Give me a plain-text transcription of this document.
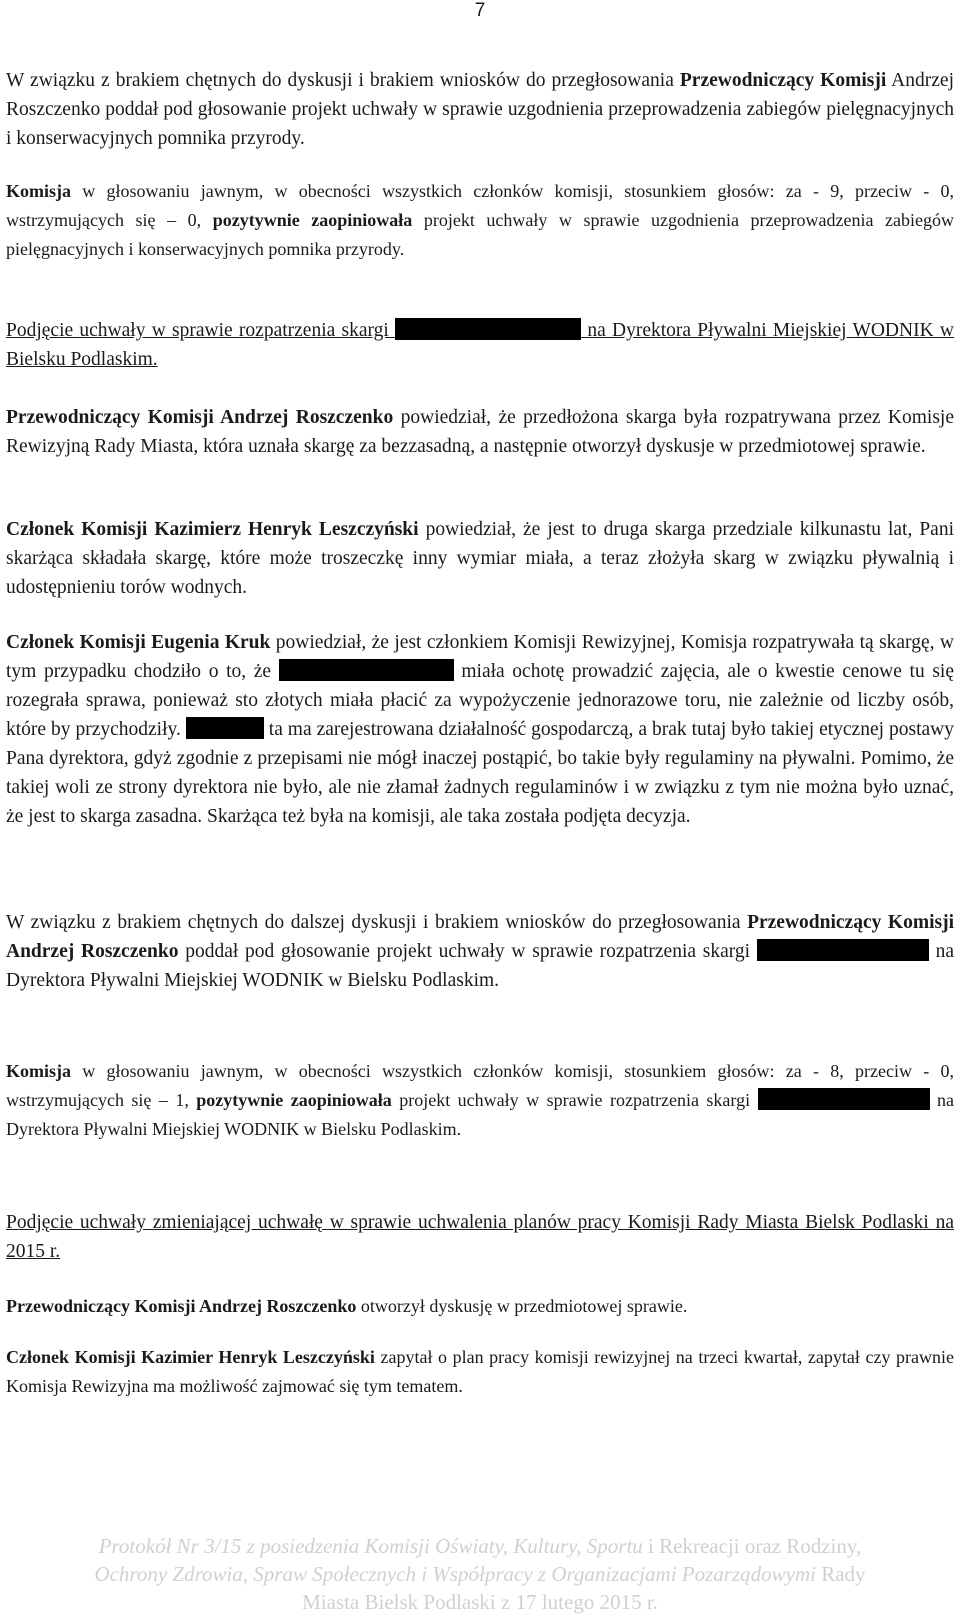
7
W związku z brakiem chętnych do dyskusji i brakiem wniosków do przegłosowania Przewodniczący Komisji Andrzej Roszczenko poddał pod głosowanie projekt uchwały w sprawie uzgodnienia przeprowadzenia zabiegów pielęgnacyjnych i konserwacyjnych pomnika przyrody.
Komisja w głosowaniu jawnym, w obecności wszystkich członków komisji, stosunkiem głosów: za - 9, przeciw - 0, wstrzymujących się – 0, pozytywnie zaopiniowała projekt uchwały w sprawie uzgodnienia przeprowadzenia zabiegów pielęgnacyjnych i konserwacyjnych pomnika przyrody.
Podjęcie uchwały w sprawie rozpatrzenia skargi	na Dyrektora Pływalni Miejskiej WODNIK w Bielsku Podlaskim.
Przewodniczący Komisji Andrzej Roszczenko powiedział, że przedłożona skarga była rozpatrywana przez Komisje Rewizyjną Rady Miasta, która uznała skargę za bezzasadną, a następnie otworzył dyskusje w przedmiotowej sprawie.
Członek Komisji Kazimierz Henryk Leszczyński powiedział, że jest to druga skarga przedziale kilkunastu lat, Pani skarżąca składała skargę, które może troszeczkę inny wymiar miała, a teraz złożyła skarg w związku pływalnią i udostępnieniu torów wodnych.
Członek Komisji Eugenia Kruk powiedział, że jest członkiem Komisji Rewizyjnej, Komisja rozpatrywała tą skargę, w tym przypadku chodziło o to, że	miała ochotę prowadzić zajęcia, ale o kwestie cenowe tu się rozegrała sprawa, ponieważ sto złotych miała płacić za wypożyczenie jednorazowe toru, nie zależnie od liczby osób, które by przychodziły.	ta ma zarejestrowana działalność gospodarczą, a brak tutaj było takiej etycznej postawy Pana dyrektora, gdyż zgodnie z przepisami nie mógł inaczej postąpić, bo takie były regulaminy na pływalni. Pomimo, że takiej woli ze strony dyrektora nie było, ale nie złamał żadnych regulaminów i w związku z tym nie można było uznać, że jest to skarga zasadna. Skarżąca też była na komisji, ale taka została podjęta decyzja.
W związku z brakiem chętnych do dalszej dyskusji i brakiem wniosków do przegłosowania Przewodniczący Komisji Andrzej Roszczenko poddał pod głosowanie projekt uchwały w sprawie rozpatrzenia skargi	na Dyrektora Pływalni Miejskiej WODNIK w Bielsku Podlaskim.
Komisja w głosowaniu jawnym, w obecności wszystkich członków komisji, stosunkiem głosów: za - 8, przeciw - 0, wstrzymujących się – 1, pozytywnie zaopiniowała projekt uchwały w sprawie rozpatrzenia skargi	na Dyrektora Pływalni Miejskiej WODNIK w Bielsku Podlaskim.
Podjęcie uchwały zmieniającej uchwałę w sprawie uchwalenia planów pracy Komisji Rady Miasta Bielsk Podlaski na 2015 r.
Przewodniczący Komisji Andrzej Roszczenko otworzył dyskusję w przedmiotowej sprawie.
Członek Komisji Kazimier Henryk Leszczyński zapytał o plan pracy komisji rewizyjnej na trzeci kwartał, zapytał czy prawnie Komisja Rewizyjna ma możliwość zajmować się tym tematem.
Protokół Nr 3/15 z posiedzenia Komisji Oświaty, Kultury, Sportu i Rekreacji oraz Rodziny,
Ochrony Zdrowia, Spraw Społecznych i Współpracy z Organizacjami Pozarządowymi Rady
Miasta Bielsk Podlaski z 17 lutego 2015 r.
